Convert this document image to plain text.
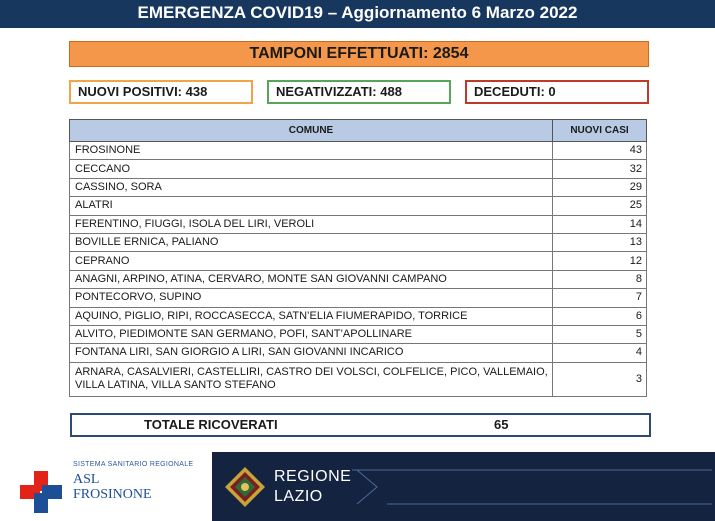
EMERGENZA COVID19 – Aggiornamento 6 Marzo 2022
TAMPONI EFFETTUATI: 2854
NUOVI POSITIVI: 438	NEGATIVIZZATI: 488	DECEDUTI: 0
COMUNE	NUOVI CASI
FROSINONE	43
CECCANO	32
CASSINO, SORA	29
ALATRI	25
FERENTINO, FIUGGI, ISOLA DEL LIRI, VEROLI	14
BOVILLE ERNICA, PALIANO	13
CEPRANO	12
ANAGNI, ARPINO, ATINA, CERVARO, MONTE SAN GIOVANNI CAMPANO	8
PONTECORVO, SUPINO	7
AQUINO, PIGLIO, RIPI, ROCCASECCA, SATN’ELIA FIUMERAPIDO, TORRICE	6
ALVITO, PIEDIMONTE SAN GERMANO, POFI, SANT’APOLLINARE	5
FONTANA LIRI, SAN GIORGIO A LIRI, SAN GIOVANNI INCARICO	4
ARNARA, CASALVIERI, CASTELLIRI, CASTRO DEI VOLSCI, COLFELICE, PICO, VALLEMAIO, VILLA LATINA, VILLA SANTO STEFANO	3
TOTALE RICOVERATI	65
SISTEMA SANITARIO REGIONALE
ASL
FROSINONE
REGIONE
LAZIO
